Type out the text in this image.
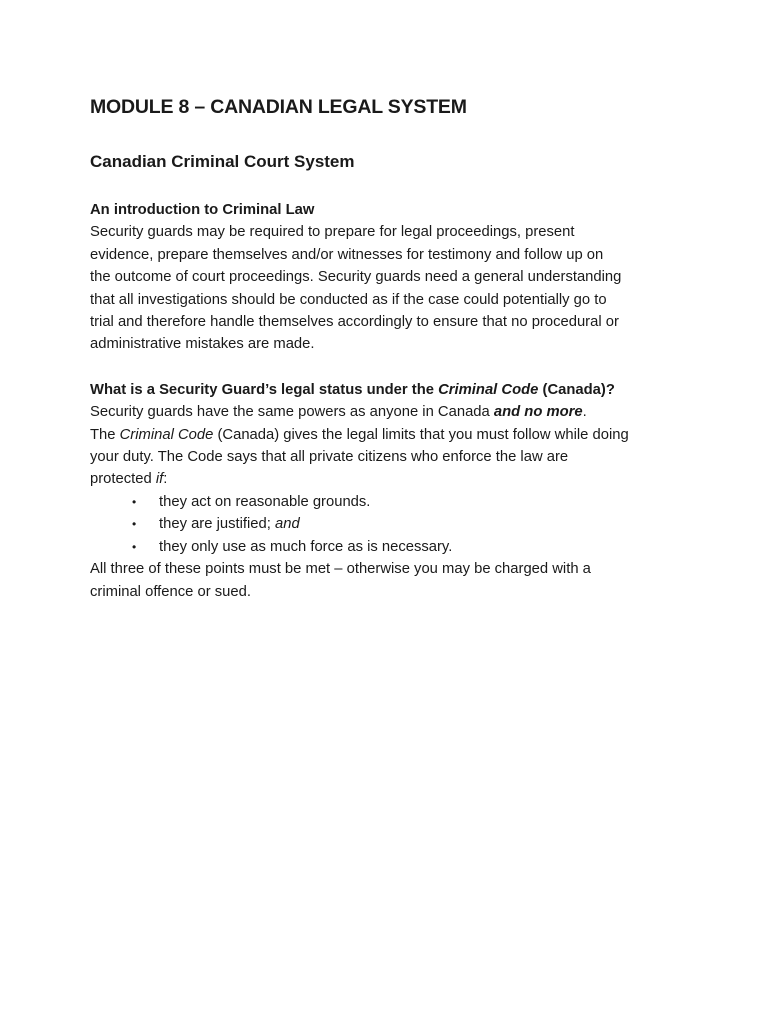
MODULE 8 – CANADIAN LEGAL SYSTEM
Canadian Criminal Court System

An introduction to Criminal Law

Security guards may be required to prepare for legal proceedings, present
evidence, prepare themselves and/or witnesses for testimony and follow up on
the outcome of court proceedings. Security guards need a general understanding
that all investigations should be conducted as if the case could potentially go to
trial and therefore handle themselves accordingly to ensure that no procedural or
administrative mistakes are made.

What is a Security Guard’s legal status under the Criminal Code (Canada)?

Security guards have the same powers as anyone in Canada and no more.
The Criminal Code (Canada) gives the legal limits that you must follow while doing
your duty. The Code says that all private citizens who enforce the law are
protected if:
• they act on reasonable grounds.
• they are justified; and
• they only use as much force as is necessary.
All three of these points must be met – otherwise you may be charged with a
criminal offence or sued.
